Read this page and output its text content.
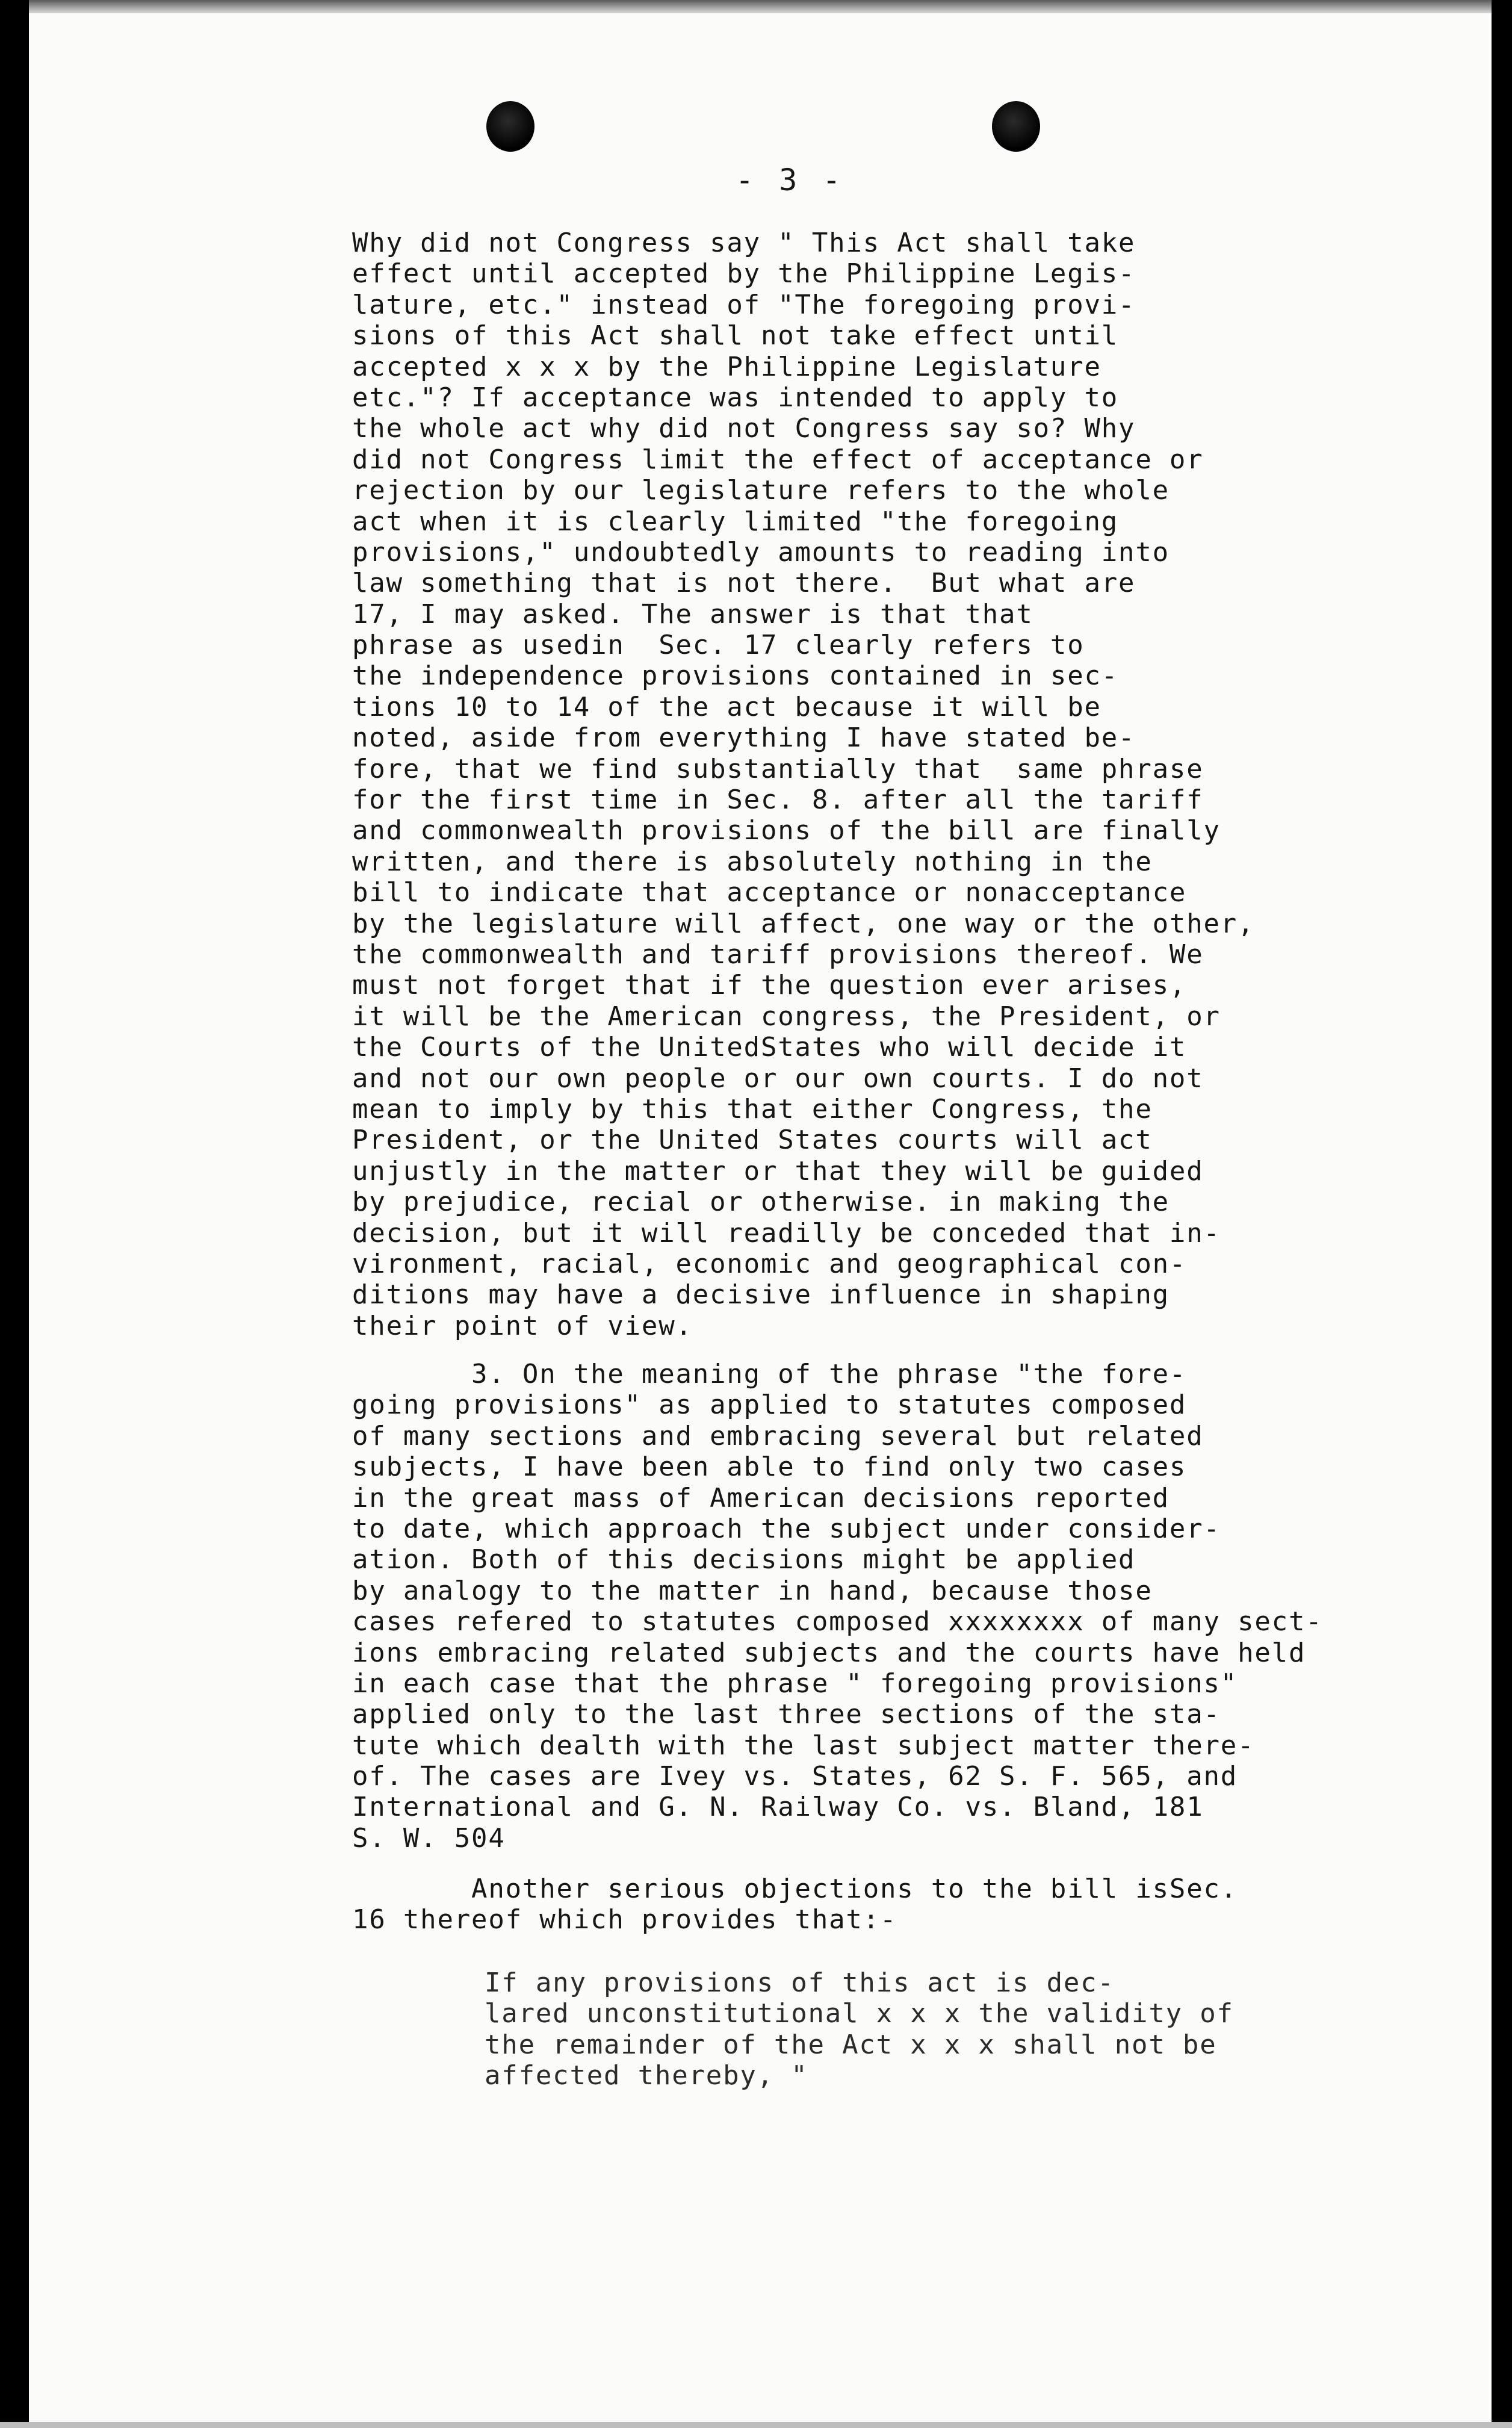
- 3 -
Why did not Congress say " This Act shall take
effect until accepted by the Philippine Legis-
lature, etc." instead of "The foregoing provi-
sions of this Act shall not take effect until
accepted x x x by the Philippine Legislature
etc."? If acceptance was intended to apply to
the whole act why did not Congress say so? Why
did not Congress limit the effect of acceptance or
rejection by our legislature refers to the whole
act when it is clearly limited "the foregoing
provisions," undoubtedly amounts to reading into
law something that is not there.  But what are
17, I may asked. The answer is that that
phrase as usedin  Sec. 17 clearly refers to
the independence provisions contained in sec-
tions 10 to 14 of the act because it will be
noted, aside from everything I have stated be-
fore, that we find substantially that  same phrase
for the first time in Sec. 8. after all the tariff
and commonwealth provisions of the bill are finally
written, and there is absolutely nothing in the
bill to indicate that acceptance or nonacceptance
by the legislature will affect, one way or the other,
the commonwealth and tariff provisions thereof. We
must not forget that if the question ever arises,
it will be the American congress, the President, or
the Courts of the UnitedStates who will decide it
and not our own people or our own courts. I do not
mean to imply by this that either Congress, the
President, or the United States courts will act
unjustly in the matter or that they will be guided
by prejudice, recial or otherwise. in making the
decision, but it will readilly be conceded that in-
vironment, racial, economic and geographical con-
ditions may have a decisive influence in shaping
their point of view.
3. On the meaning of the phrase "the fore-
going provisions" as applied to statutes composed
of many sections and embracing several but related
subjects, I have been able to find only two cases
in the great mass of American decisions reported
to date, which approach the subject under consider-
ation. Both of this decisions might be applied
by analogy to the matter in hand, because those
cases refered to statutes composed xxxxxxxx of many sect-
ions embracing related subjects and the courts have held
in each case that the phrase " foregoing provisions"
applied only to the last three sections of the sta-
tute which dealth with the last subject matter there-
of. The cases are Ivey vs. States, 62 S. F. 565, and
International and G. N. Railway Co. vs. Bland, 181
S. W. 504
Another serious objections to the bill isSec.
16 thereof which provides that:-
If any provisions of this act is dec-
lared unconstitutional x x x the validity of
the remainder of the Act x x x shall not be
affected thereby, "
